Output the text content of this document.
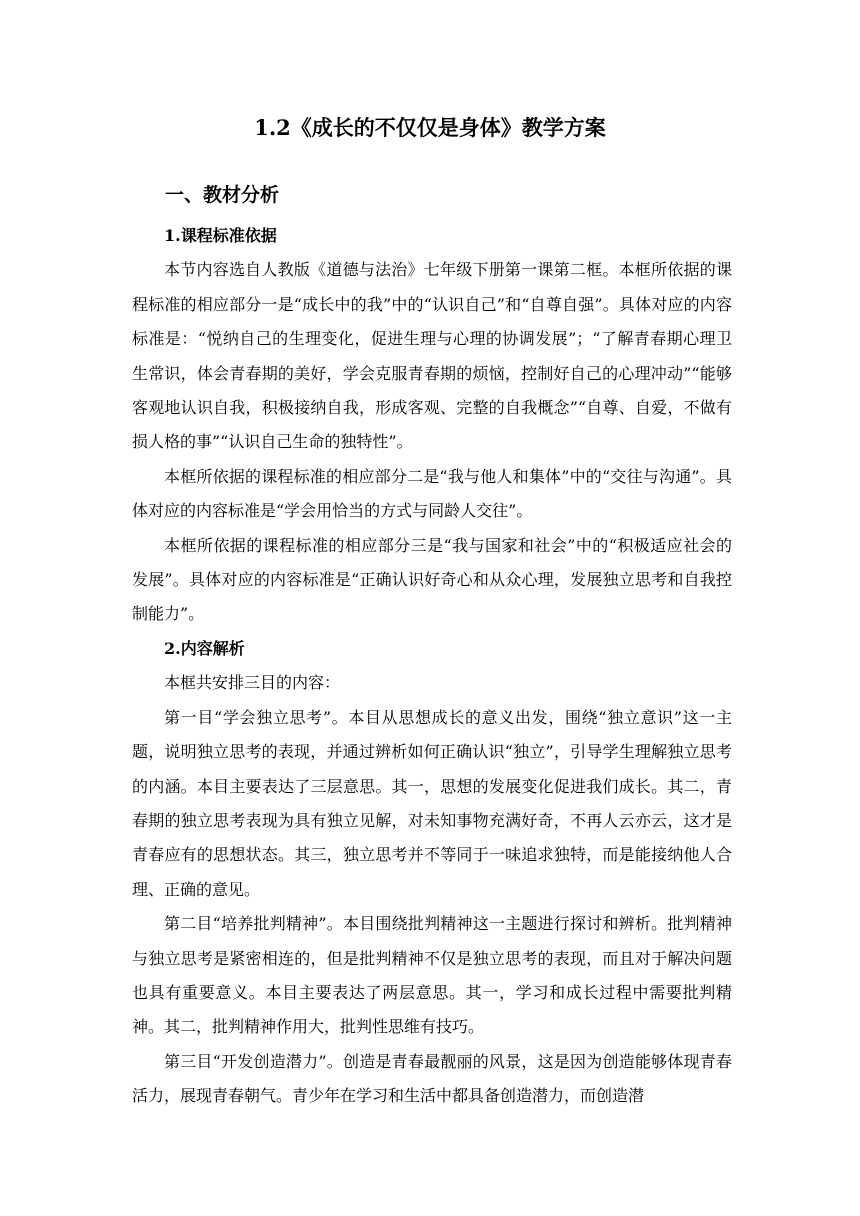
1.2《成长的不仅仅是身体》教学方案
一、教材分析

1.课程标准依据

本节内容选自人教版《道德与法治》七年级下册第一课第二框。本框所依据的课程标准的相应部分一是“成长中的我”中的“认识自己”和“自尊自强”。具体对应的内容标准是：“悦纳自己的生理变化，促进生理与心理的协调发展”；“了解青春期心理卫生常识，体会青春期的美好，学会克服青春期的烦恼，控制好自己的心理冲动”“能够客观地认识自我，积极接纳自我，形成客观、完整的自我概念”“自尊、自爱，不做有损人格的事”“认识自己生命的独特性”。

本框所依据的课程标准的相应部分二是“我与他人和集体”中的“交往与沟通”。具体对应的内容标准是“学会用恰当的方式与同龄人交往”。

本框所依据的课程标准的相应部分三是“我与国家和社会”中的“积极适应社会的发展”。具体对应的内容标准是“正确认识好奇心和从众心理，发展独立思考和自我控制能力”。

2.内容解析

本框共安排三目的内容：

第一目“学会独立思考”。本目从思想成长的意义出发，围绕“独立意识”这一主题，说明独立思考的表现，并通过辨析如何正确认识“独立”，引导学生理解独立思考的内涵。本目主要表达了三层意思。其一，思想的发展变化促进我们成长。其二，青春期的独立思考表现为具有独立见解，对未知事物充满好奇，不再人云亦云，这才是青春应有的思想状态。其三，独立思考并不等同于一味追求独特，而是能接纳他人合理、正确的意见。

第二目“培养批判精神”。本目围绕批判精神这一主题进行探讨和辨析。批判精神与独立思考是紧密相连的，但是批判精神不仅是独立思考的表现，而且对于解决问题也具有重要意义。本目主要表达了两层意思。其一，学习和成长过程中需要批判精神。其二，批判精神作用大，批判性思维有技巧。

第三目“开发创造潜力”。创造是青春最靓丽的风景，这是因为创造能够体现青春活力，展现青春朝气。青少年在学习和生活中都具备创造潜力，而创造潜
